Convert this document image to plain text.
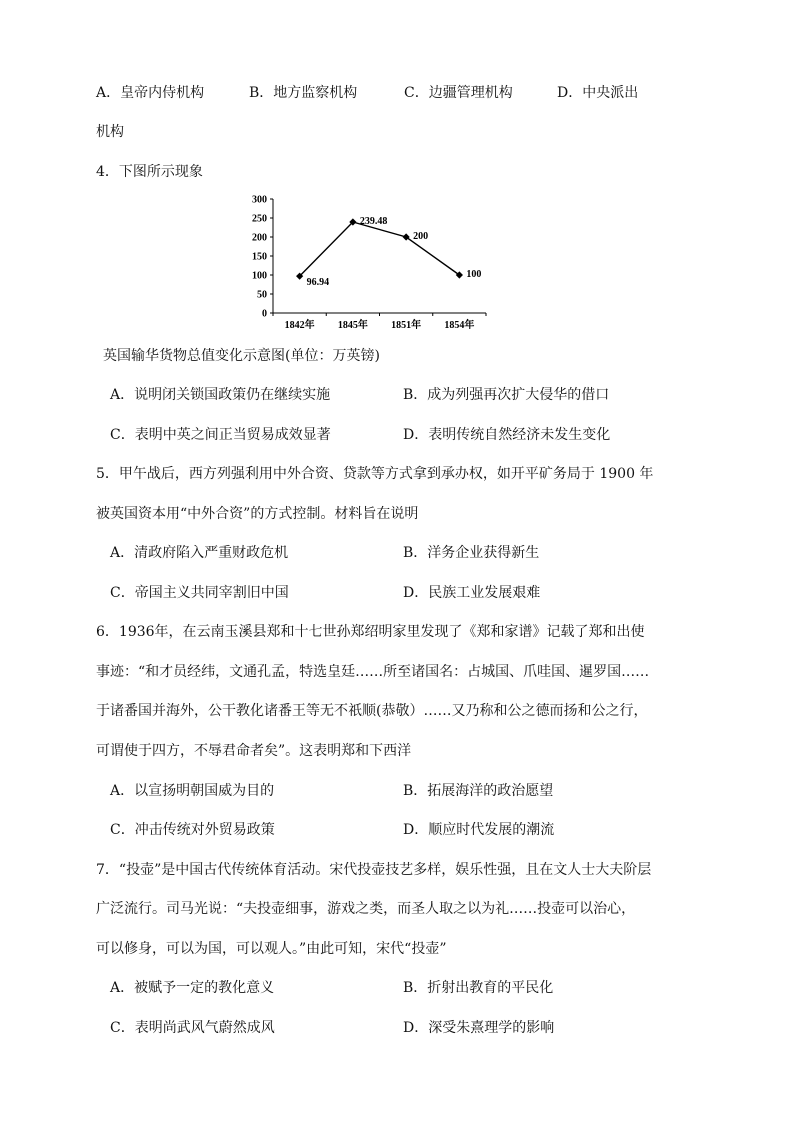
A．皇帝内侍机构	B．地方监察机构	C．边疆管理机构	D．中央派出
机构
4．下图所示现象
0
50
100
150
200
250
300
1842年 1845年 1851年 1854年
96.94
239.48
200
100
英国输华货物总值变化示意图(单位：万英镑)
A．说明闭关锁国政策仍在继续实施	B．成为列强再次扩大侵华的借口
C．表明中英之间正当贸易成效显著	D．表明传统自然经济未发生变化
5．甲午战后，西方列强利用中外合资、贷款等方式拿到承办权，如开平矿务局于 1900 年
被英国资本用“中外合资”的方式控制。材料旨在说明
A．清政府陷入严重财政危机	B．洋务企业获得新生
C．帝国主义共同宰割旧中国	D．民族工业发展艰难
6．1936年，在云南玉溪县郑和十七世孙郑绍明家里发现了《郑和家谱》记载了郑和出使
事迹：“和才员经纬，文通孔孟，特选皇廷……所至诸国名：占城国、爪哇国、暹罗国……
于诸番国并海外，公干教化诸番王等无不祇顺(恭敬）……又乃称和公之德而扬和公之行，
可谓使于四方，不辱君命者矣”。这表明郑和下西洋
A．以宣扬明朝国威为目的	B．拓展海洋的政治愿望
C．冲击传统对外贸易政策	D．顺应时代发展的潮流
7．“投壶”是中国古代传统体育活动。宋代投壶技艺多样，娱乐性强，且在文人士大夫阶层
广泛流行。司马光说：“夫投壶细事，游戏之类，而圣人取之以为礼……投壶可以治心，
可以修身，可以为国，可以观人。”由此可知，宋代“投壶”
A．被赋予一定的教化意义	B．折射出教育的平民化
C．表明尚武风气蔚然成风	D．深受朱熹理学的影响
